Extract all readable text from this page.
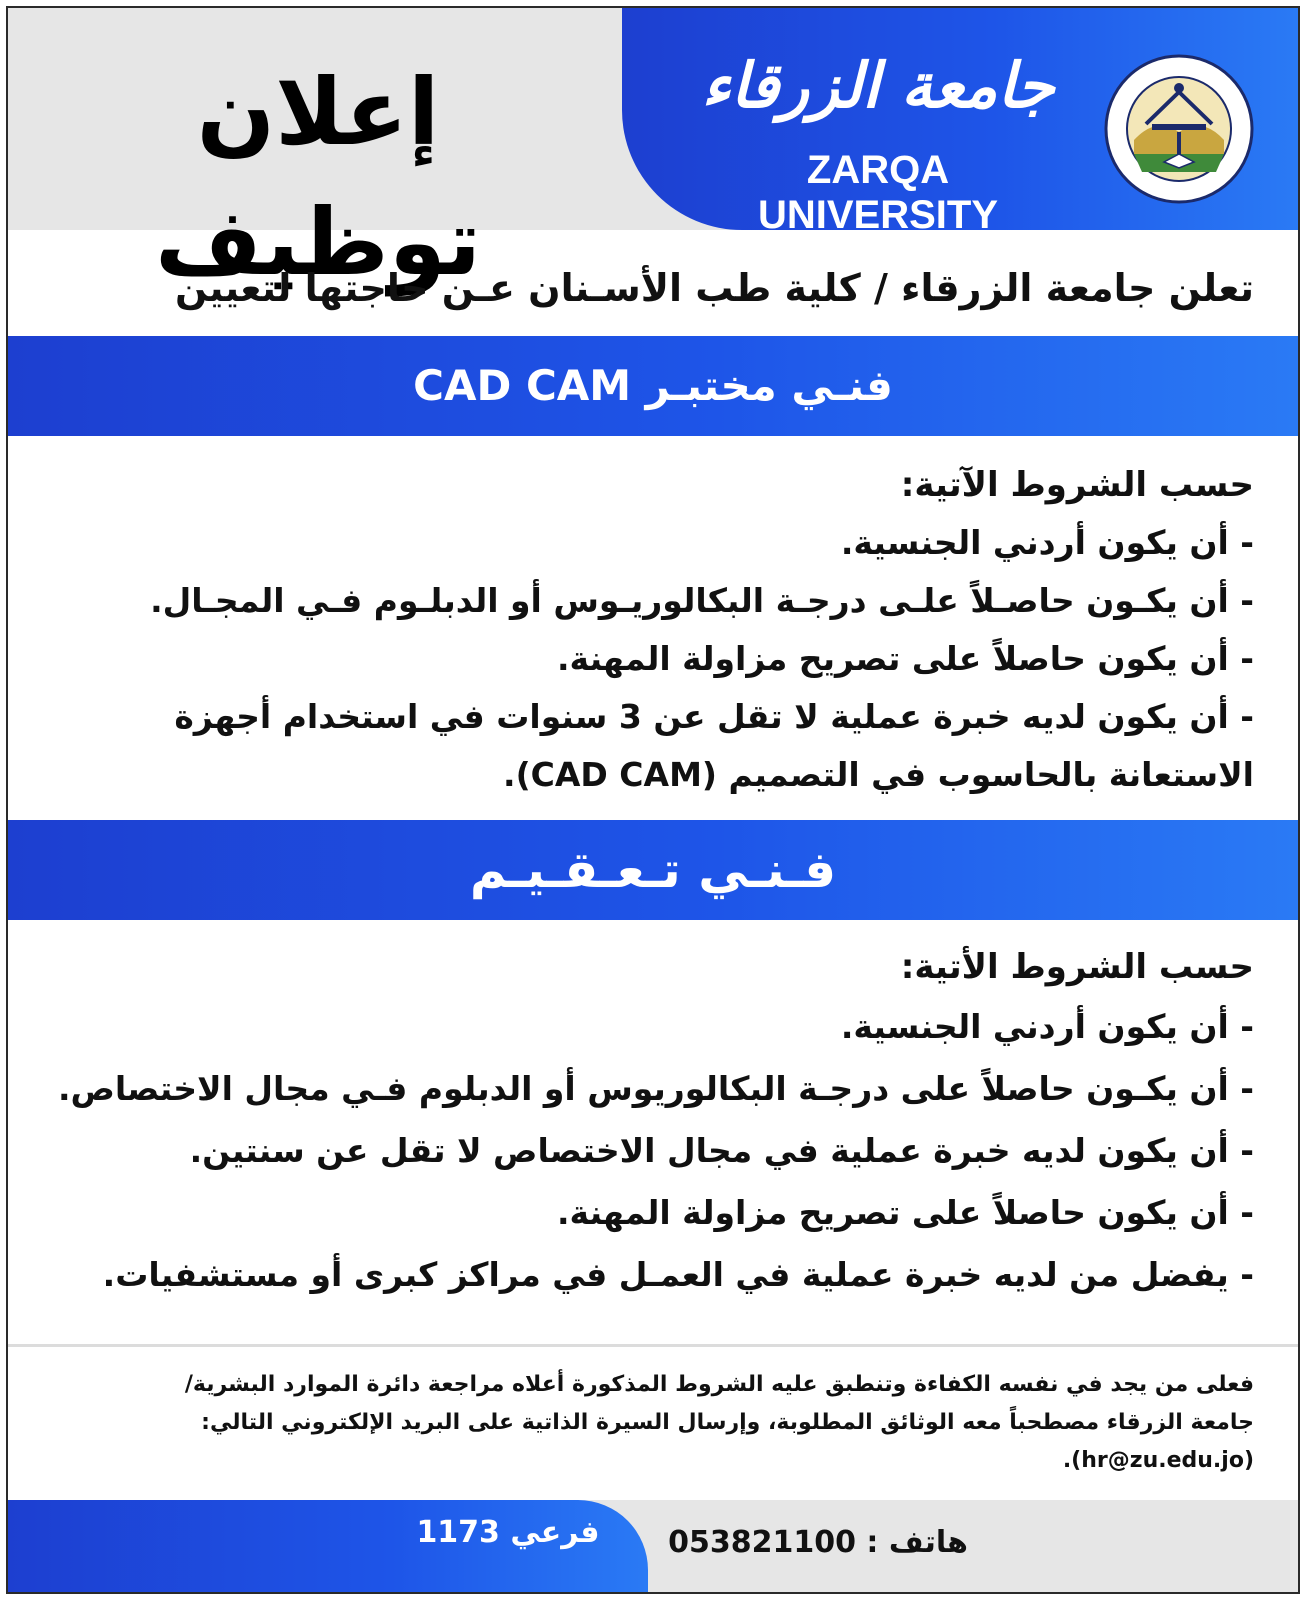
إعلان توظيف
جامعة الزرقاء
ZARQA UNIVERSITY
تعلن جامعة الزرقاء / كلية طب الأسـنان عـن حاجتها لتعيين
فنـي مختبـر CAD CAM
حسب الشروط الآتية:
- أن يكون أردني الجنسية.
- أن يكـون حاصـلاً علـى درجـة البكالوريـوس أو الدبلـوم فـي المجـال.
- أن يكون حاصلاً على تصريح مزاولة المهنة.
- أن يكون لديه خبرة عملية لا تقل عن 3 سنوات في استخدام أجهزة الاستعانة بالحاسوب في التصميم (CAD CAM).
فـنـي تـعـقـيـم
حسب الشروط الأتية:
- أن يكون أردني الجنسية.
- أن يكـون حاصلاً على درجـة البكالوريوس أو الدبلوم فـي مجال الاختصاص.
- أن يكون لديه خبرة عملية في مجال الاختصاص لا تقل عن سنتين.
- أن يكون حاصلاً على تصريح مزاولة المهنة.
- يفضل من لديه خبرة عملية في العمـل في مراكز كبرى أو مستشفيات.
فعلى من يجد في نفسه الكفاءة وتنطبق عليه الشروط المذكورة أعلاه مراجعة دائرة الموارد البشرية/
جامعة الزرقاء مصطحباً معه الوثائق المطلوبة، وإرسال السيرة الذاتية على البريد الإلكتروني التالي:
(hr@zu.edu.jo).
هاتف : 053821100
فرعي 1173
